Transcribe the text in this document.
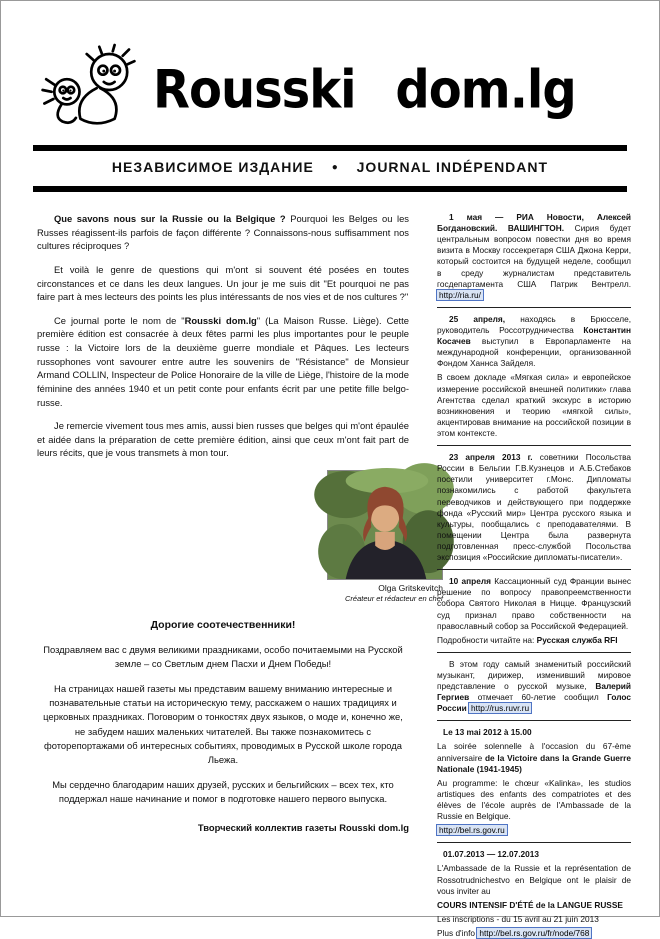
Rousski dom.lg
НЕЗАВИСИМОЕ ИЗДАНИЕ ● JOURNAL INDÉPENDANT

Que savons nous sur la Russie ou la Belgique ? Pourquoi les Belges ou les Russes réagissent-ils parfois de façon différente ? Connaissons-nous suffisamment nos cultures réciproques ?

Et voilà le genre de questions qui m'ont si souvent été posées en toutes circonstances et ce dans les deux langues. Un jour je me suis dit "Et pourquoi ne pas faire part à mes lecteurs des points les plus intéressants de nos vies et de nos cultures ?"

Ce journal porte le nom de "Rousski dom.lg" (La Maison Russe. Liège). Cette première édition est consacrée à deux fêtes parmi les plus importantes pour le peuple russe : la Victoire lors de la deuxième guerre mondiale et Pâques. Les lecteurs russophones vont savourer entre autre les souvenirs de "Résistance" de Monsieur Armand COLLIN, Inspecteur de Police Honoraire de la ville de Liège, l'histoire de la mode féminine des années 1940 et un petit conte pour enfants écrit par une petite fille belgo-russe.

Je remercie vivement tous mes amis, aussi bien russes que belges qui m'ont épaulée et aidée dans la préparation de cette première édition, ainsi que ceux m'ont fait part de leurs récits, que je vous transmets à mon tour.

Olga Gritskevitch
Créateur et rédacteur en chef
Дорогие соотечественники!

Поздравляем вас с двумя великими праздниками, особо почитаемыми на Русской земле – со Светлым днем Пасхи и Днем Победы!

На страницах нашей газеты мы представим вашему вниманию интересные и познавательные статьи на историческую тему, расскажем о наших традициях и церковных праздниках. Поговорим о тонкостях двух языков, о моде и, конечно же, не забудем наших маленьких читателей. Вы также познакомитесь с фоторепортажами об интересных событиях, проводимых в Русской школе города Льежа.

Мы сердечно благодарим наших друзей, русских и бельгийских – всех тех, кто поддержал наше начинание и помог в подготовке нашего первого выпуска.

Творческий коллектив газеты Rousski dom.lg

1 мая — РИА Новости, Алексей Богдановский. ВАШИНГТОН. Сирия будет центральным вопросом повестки дня во время визита в Москву госсекретаря США Джона Керри, который состоится на будущей неделе, сообщил в среду журналистам представитель госдепартамента США Патрик Вентрелл. http://ria.ru/

25 апреля, находясь в Брюсселе, руководитель Россотрудничества Константин Косачев выступил в Европарламенте на международной конференции, организованной Фондом Ханнса Зайделя.

В своем докладе «Мягкая сила» и европейское измерение российской внешней политики» глава Агентства сделал краткий экскурс в историю возникновения и теорию «мягкой силы», акцентировав внимание на российской позиции в этом контексте.

23 апреля 2013 г. советники Посольства России в Бельгии Г.В.Кузнецов и А.Б.Стебаков посетили университет г.Монс. Дипломаты познакомились с работой факультета переводчиков и действующего при поддержке фонда «Русский мир» Центра русского языка и культуры, пообщались с преподавателями. В помещении Центра была развернута подготовленная пресс-службой Посольства экспозиция «Российские дипломаты-писатели».

10 апреля Кассационный суд Франции вынес решение по вопросу правопреемственности собора Святого Николая в Ницце. Французский суд признал право собственности на православный собор за Российской Федерацией.

Подробности читайте на: Русская служба RFI

В этом году самый знаменитый российский музыкант, дирижер, изменивший мировое представление о русской музыке, Валерий Гергиев отмечает 60-летие сообщил Голос России http://rus.ruvr.ru

Le 13 mai 2012 à 15.00

La soirée solennelle à l'occasion du 67-ème anniversaire de la Victoire dans la Grande Guerre Nationale (1941-1945)

Au programme: le chœur «Kalinka», les studios artistiques des enfants des compatriotes et des élèves de l'école auprès de l'Ambassade de la Russie en Belgique.

http://bel.rs.gov.ru

01.07.2013 — 12.07.2013

L'Ambassade de la Russie et la représentation de Rossotrudnichestvo en Belgique ont le plaisir de vous inviter au

COURS INTENSIF D'ÉTÉ de la LANGUE RUSSE

Les inscriptions - du 15 avril au 21 juin 2013

Plus d'info http://bel.rs.gov.ru/fr/node/768
